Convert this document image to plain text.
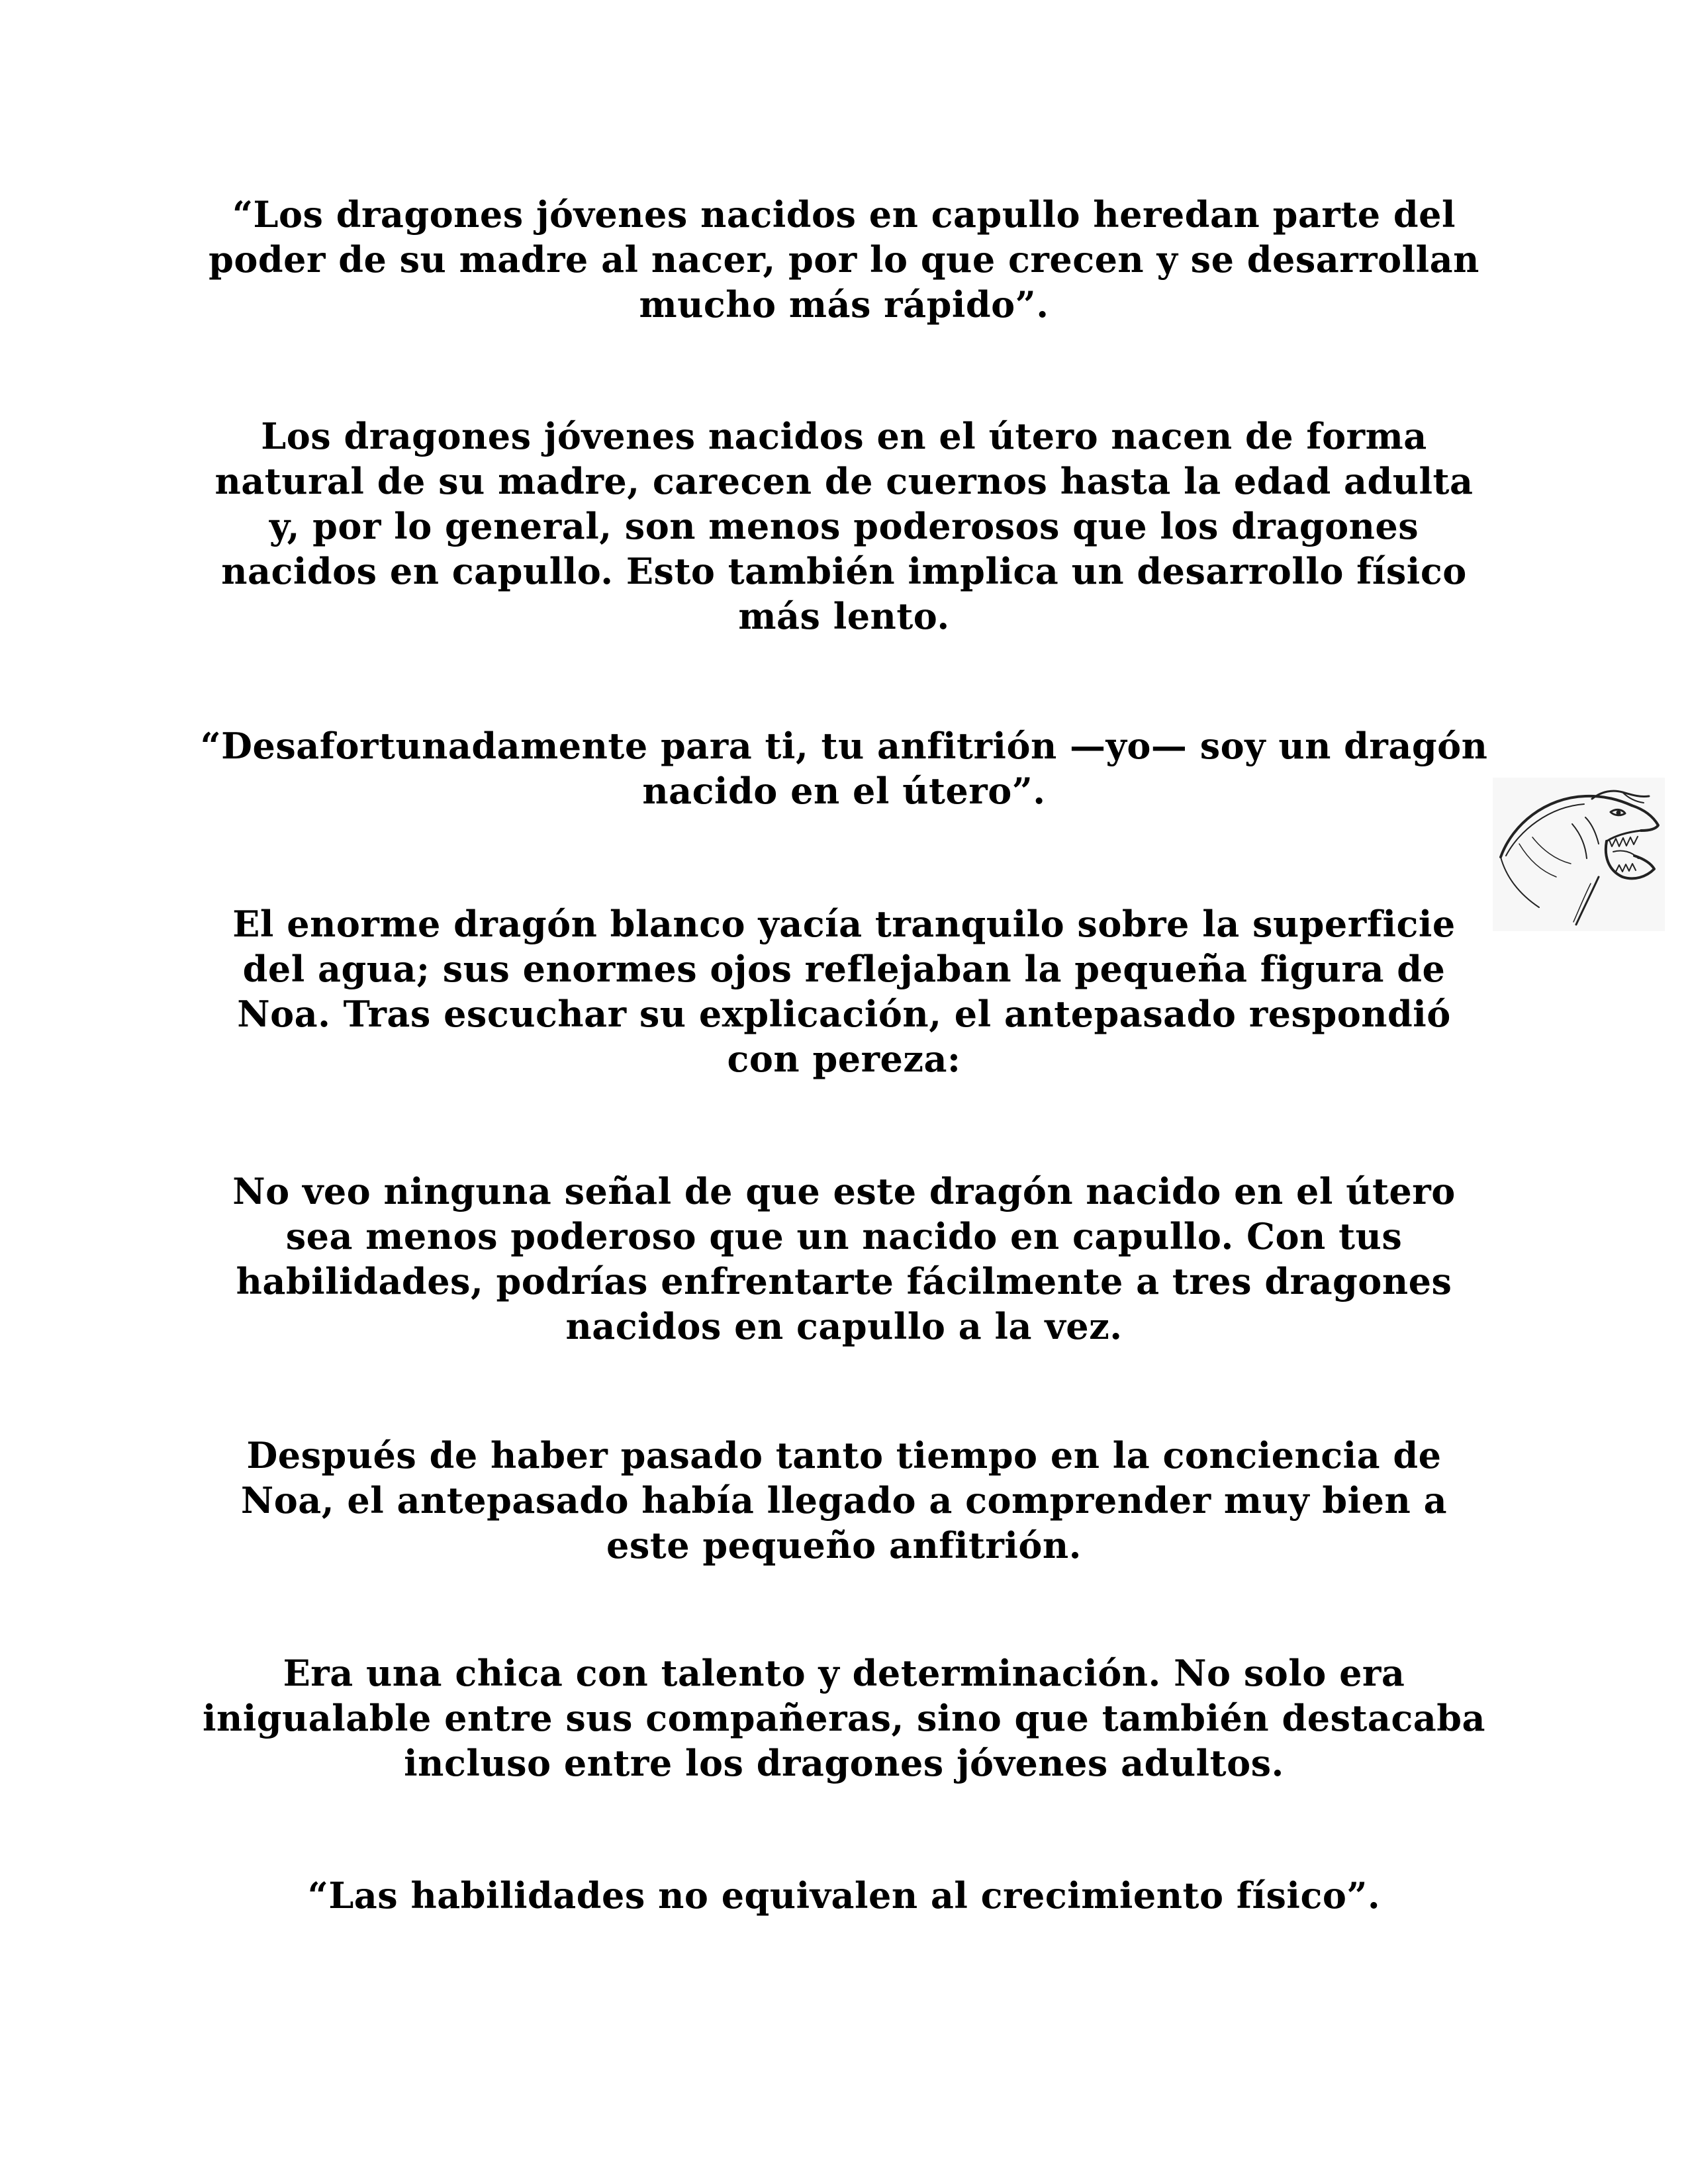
“Los dragones jóvenes nacidos en capullo heredan parte del poder de su madre al nacer, por lo que crecen y se desarrollan mucho más rápido”.

Los dragones jóvenes nacidos en el útero nacen de forma natural de su madre, carecen de cuernos hasta la edad adulta y, por lo general, son menos poderosos que los dragones nacidos en capullo. Esto también implica un desarrollo físico más lento.

“Desafortunadamente para ti, tu anfitrión —yo— soy un dragón nacido en el útero”.

El enorme dragón blanco yacía tranquilo sobre la superficie del agua; sus enormes ojos reflejaban la pequeña figura de Noa. Tras escuchar su explicación, el antepasado respondió con pereza:

No veo ninguna señal de que este dragón nacido en el útero sea menos poderoso que un nacido en capullo. Con tus habilidades, podrías enfrentarte fácilmente a tres dragones nacidos en capullo a la vez.

Después de haber pasado tanto tiempo en la conciencia de Noa, el antepasado había llegado a comprender muy bien a este pequeño anfitrión.

Era una chica con talento y determinación. No solo era inigualable entre sus compañeras, sino que también destacaba incluso entre los dragones jóvenes adultos.

“Las habilidades no equivalen al crecimiento físico”.
